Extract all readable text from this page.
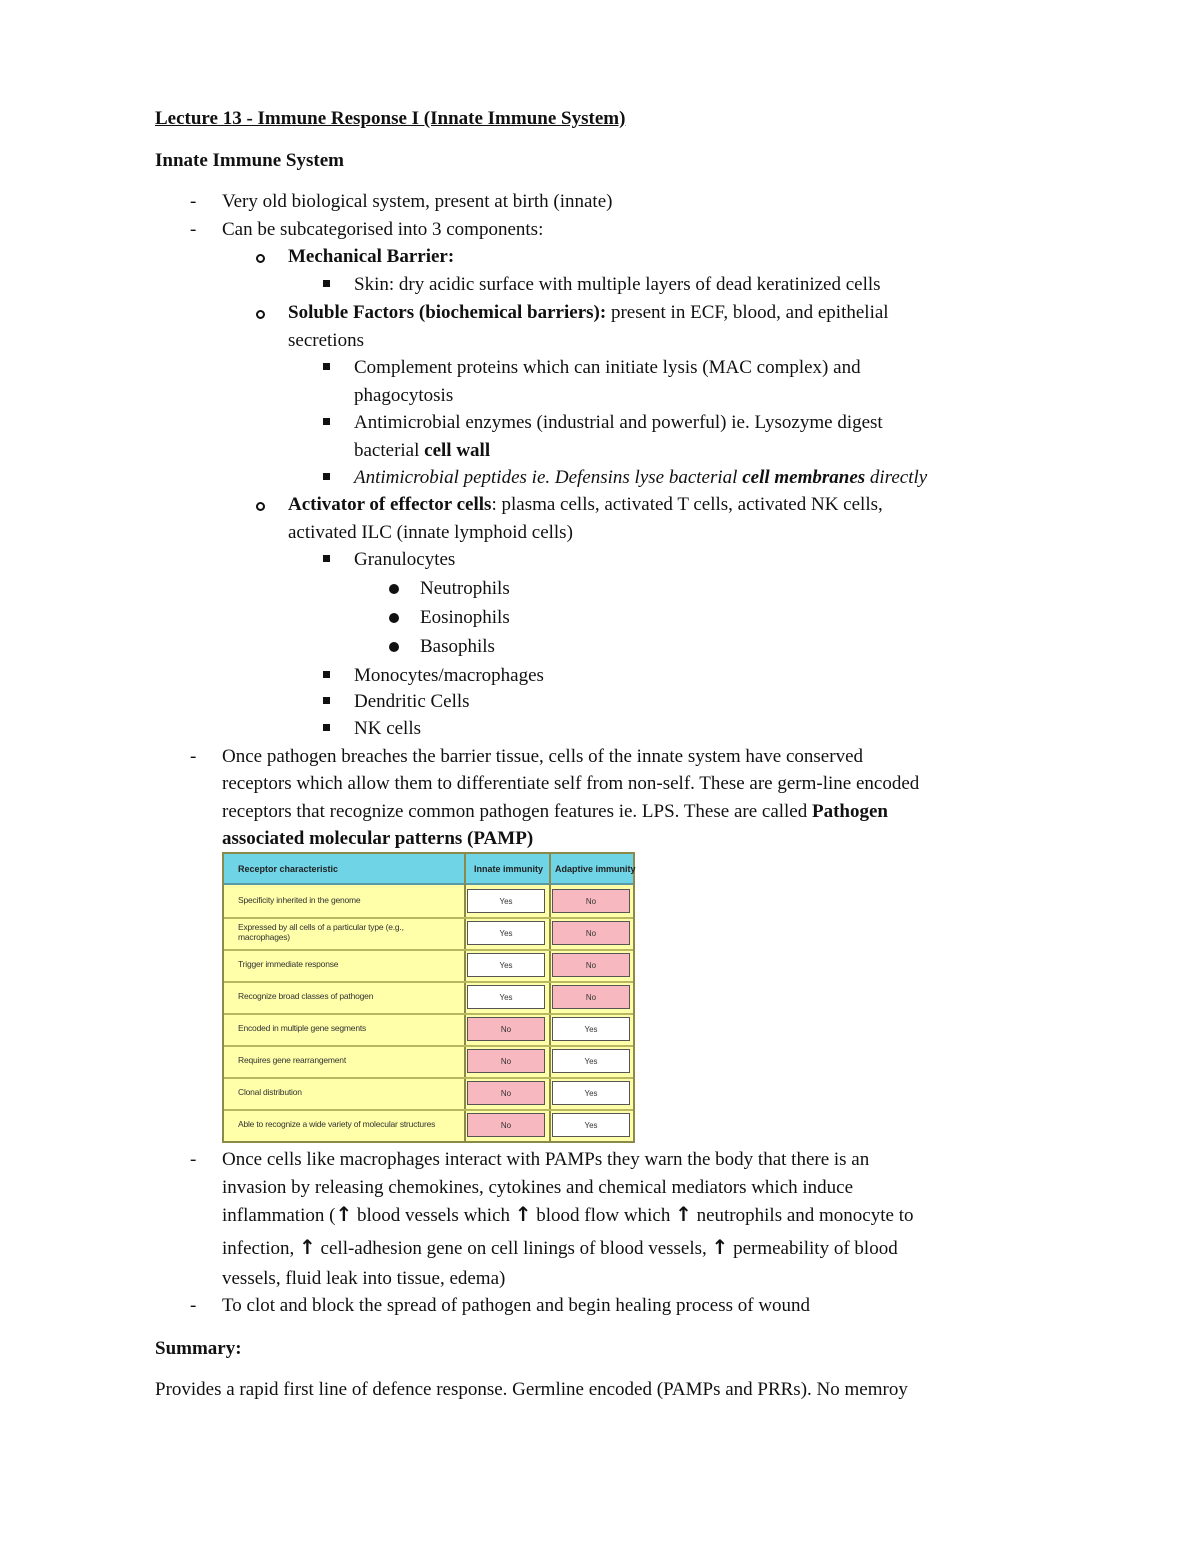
Lecture 13 - Immune Response I (Innate Immune System)
Innate Immune System
- Very old biological system, present at birth (innate)
- Can be subcategorised into 3 components:
Mechanical Barrier:
Skin: dry acidic surface with multiple layers of dead keratinized cells
Soluble Factors (biochemical barriers): present in ECF, blood, and epithelial
secretions
Complement proteins which can initiate lysis (MAC complex) and
phagocytosis
Antimicrobial enzymes (industrial and powerful) ie. Lysozyme digest
bacterial cell wall
Antimicrobial peptides ie. Defensins lyse bacterial cell membranes directly
Activator of effector cells: plasma cells, activated T cells, activated NK cells,
activated ILC (innate lymphoid cells)
Granulocytes
Neutrophils
Eosinophils
Basophils
Monocytes/macrophages
Dendritic Cells
NK cells
- Once pathogen breaches the barrier tissue, cells of the innate system have conserved
receptors which allow them to differentiate self from non-self. These are germ-line encoded
receptors that recognize common pathogen features ie. LPS. These are called Pathogen
associated molecular patterns (PAMP)
Receptor characteristic	Innate immunity Adaptive immunity
Specificity inherited in the genome	Yes	No
Expressed by all cells of a particular type (e.g., macrophages)	Yes	No
Trigger immediate response	Yes	No
Recognize broad classes of pathogen	Yes	No
Encoded in multiple gene segments	No	Yes
Requires gene rearrangement	No	Yes
Clonal distribution	No	Yes
Able to recognize a wide variety of molecular structures	No	Yes
- Once cells like macrophages interact with PAMPs they warn the body that there is an
invasion by releasing chemokines, cytokines and chemical mediators which induce
inflammation (↑ blood vessels which ↑ blood flow which ↑ neutrophils and monocyte to
infection, ↑ cell-adhesion gene on cell linings of blood vessels, ↑ permeability of blood
vessels, fluid leak into tissue, edema)
- To clot and block the spread of pathogen and begin healing process of wound
Summary:
Provides a rapid first line of defence response. Germline encoded (PAMPs and PRRs). No memroy
